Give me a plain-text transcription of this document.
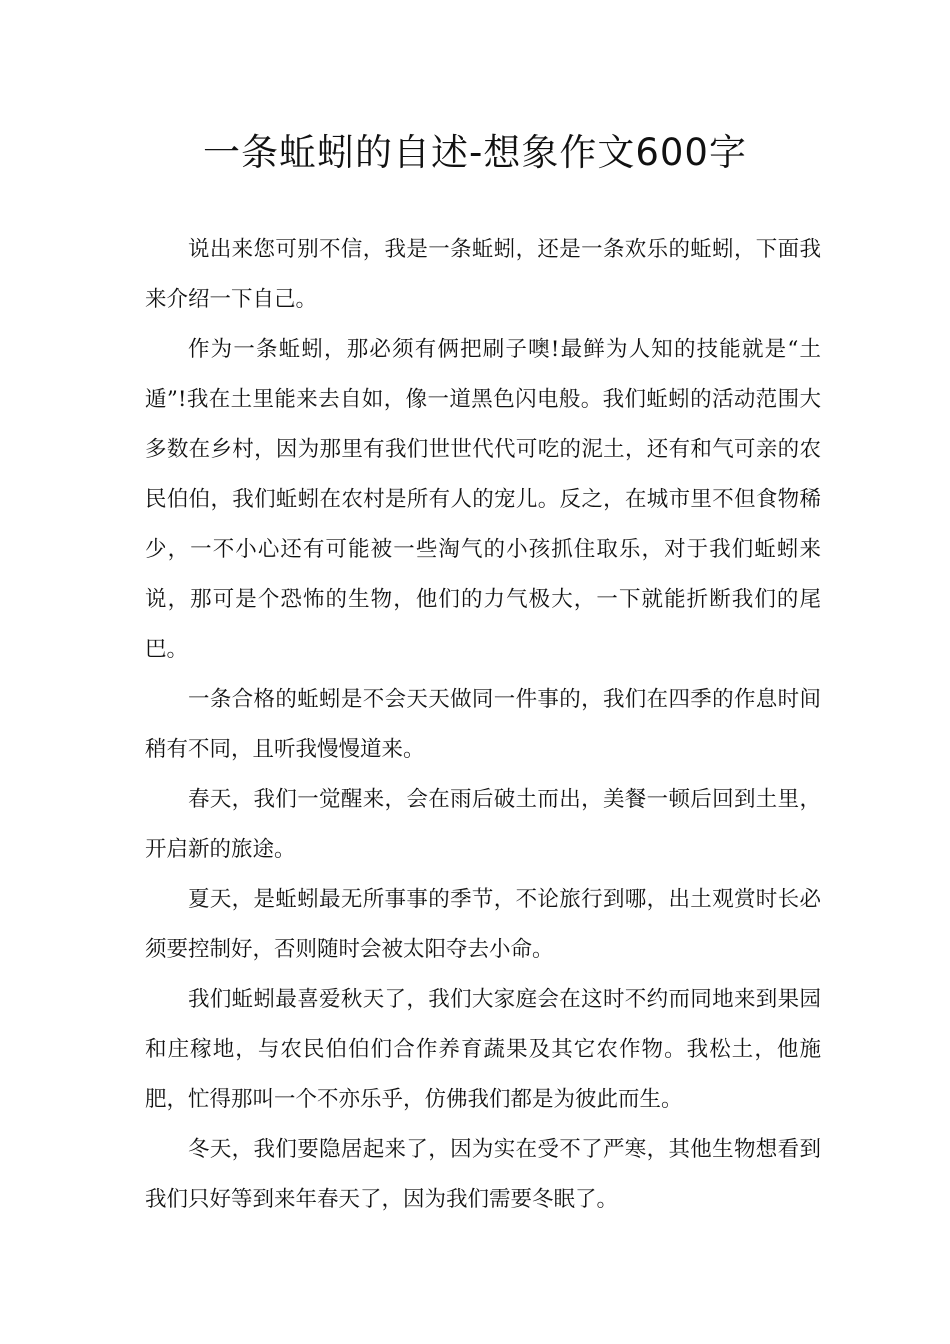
一条蚯蚓的自述-想象作文600字

说出来您可别不信，我是一条蚯蚓，还是一条欢乐的蚯蚓，下面我来介绍一下自己。

作为一条蚯蚓，那必须有俩把刷子噢!最鲜为人知的技能就是“土遁”!我在土里能来去自如，像一道黑色闪电般。我们蚯蚓的活动范围大多数在乡村，因为那里有我们世世代代可吃的泥土，还有和气可亲的农民伯伯，我们蚯蚓在农村是所有人的宠儿。反之，在城市里不但食物稀少，一不小心还有可能被一些淘气的小孩抓住取乐，对于我们蚯蚓来说，那可是个恐怖的生物，他们的力气极大，一下就能折断我们的尾巴。

一条合格的蚯蚓是不会天天做同一件事的，我们在四季的作息时间稍有不同，且听我慢慢道来。

春天，我们一觉醒来，会在雨后破土而出，美餐一顿后回到土里，开启新的旅途。

夏天，是蚯蚓最无所事事的季节，不论旅行到哪，出土观赏时长必须要控制好，否则随时会被太阳夺去小命。

我们蚯蚓最喜爱秋天了，我们大家庭会在这时不约而同地来到果园和庄稼地，与农民伯伯们合作养育蔬果及其它农作物。我松土，他施肥，忙得那叫一个不亦乐乎，仿佛我们都是为彼此而生。

冬天，我们要隐居起来了，因为实在受不了严寒，其他生物想看到我们只好等到来年春天了，因为我们需要冬眠了。
